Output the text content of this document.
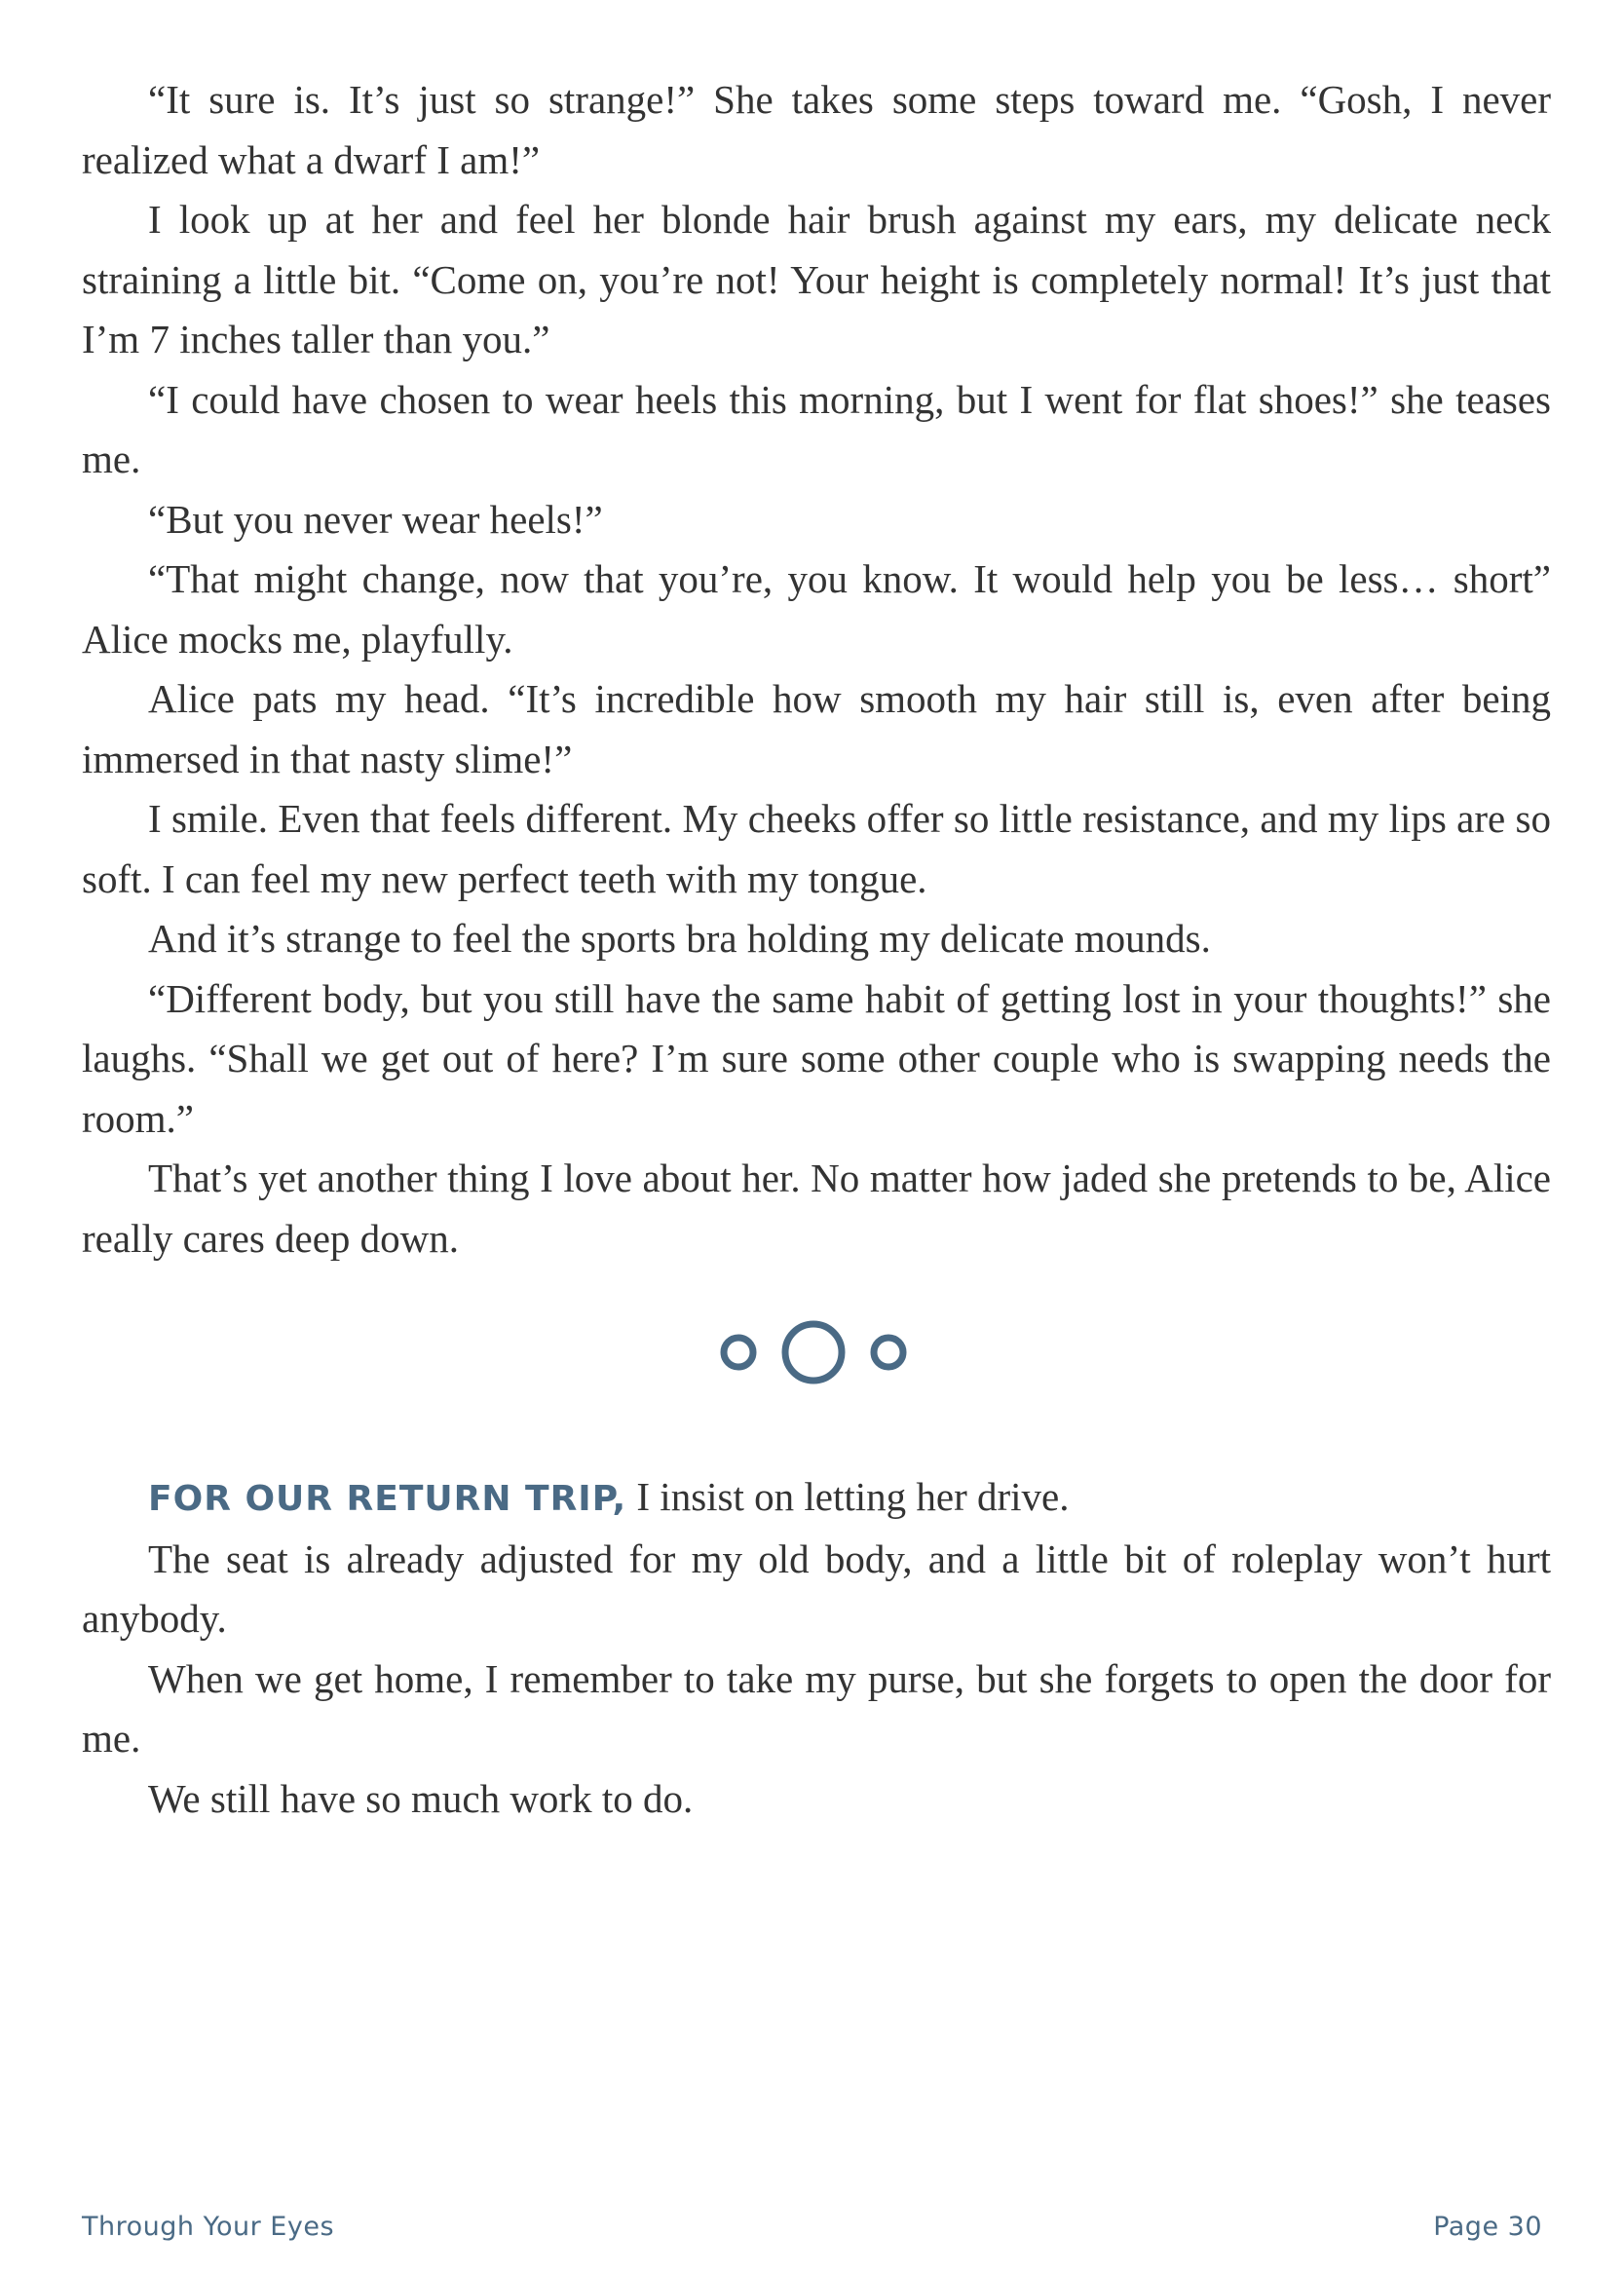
“It sure is. It’s just so strange!” She takes some steps toward me. “Gosh, I never realized what a dwarf I am!”

I look up at her and feel her blonde hair brush against my ears, my delicate neck straining a little bit. “Come on, you’re not! Your height is completely normal! It’s just that I’m 7 inches taller than you.”

“I could have chosen to wear heels this morning, but I went for flat shoes!” she teases me.

“But you never wear heels!”

“That might change, now that you’re, you know. It would help you be less… short” Alice mocks me, playfully.

Alice pats my head. “It’s incredible how smooth my hair still is, even after being immersed in that nasty slime!”

I smile. Even that feels different. My cheeks offer so little resistance, and my lips are so soft. I can feel my new perfect teeth with my tongue.

And it’s strange to feel the sports bra holding my delicate mounds.

“Different body, but you still have the same habit of getting lost in your thoughts!” she laughs. “Shall we get out of here? I’m sure some other couple who is swapping needs the room.”

That’s yet another thing I love about her. No matter how jaded she pretends to be, Alice really cares deep down.

FOR OUR RETURN TRIP, I insist on letting her drive.

The seat is already adjusted for my old body, and a little bit of roleplay won’t hurt anybody.

When we get home, I remember to take my purse, but she forgets to open the door for me.

We still have so much work to do.

Through Your Eyes	Page 30
